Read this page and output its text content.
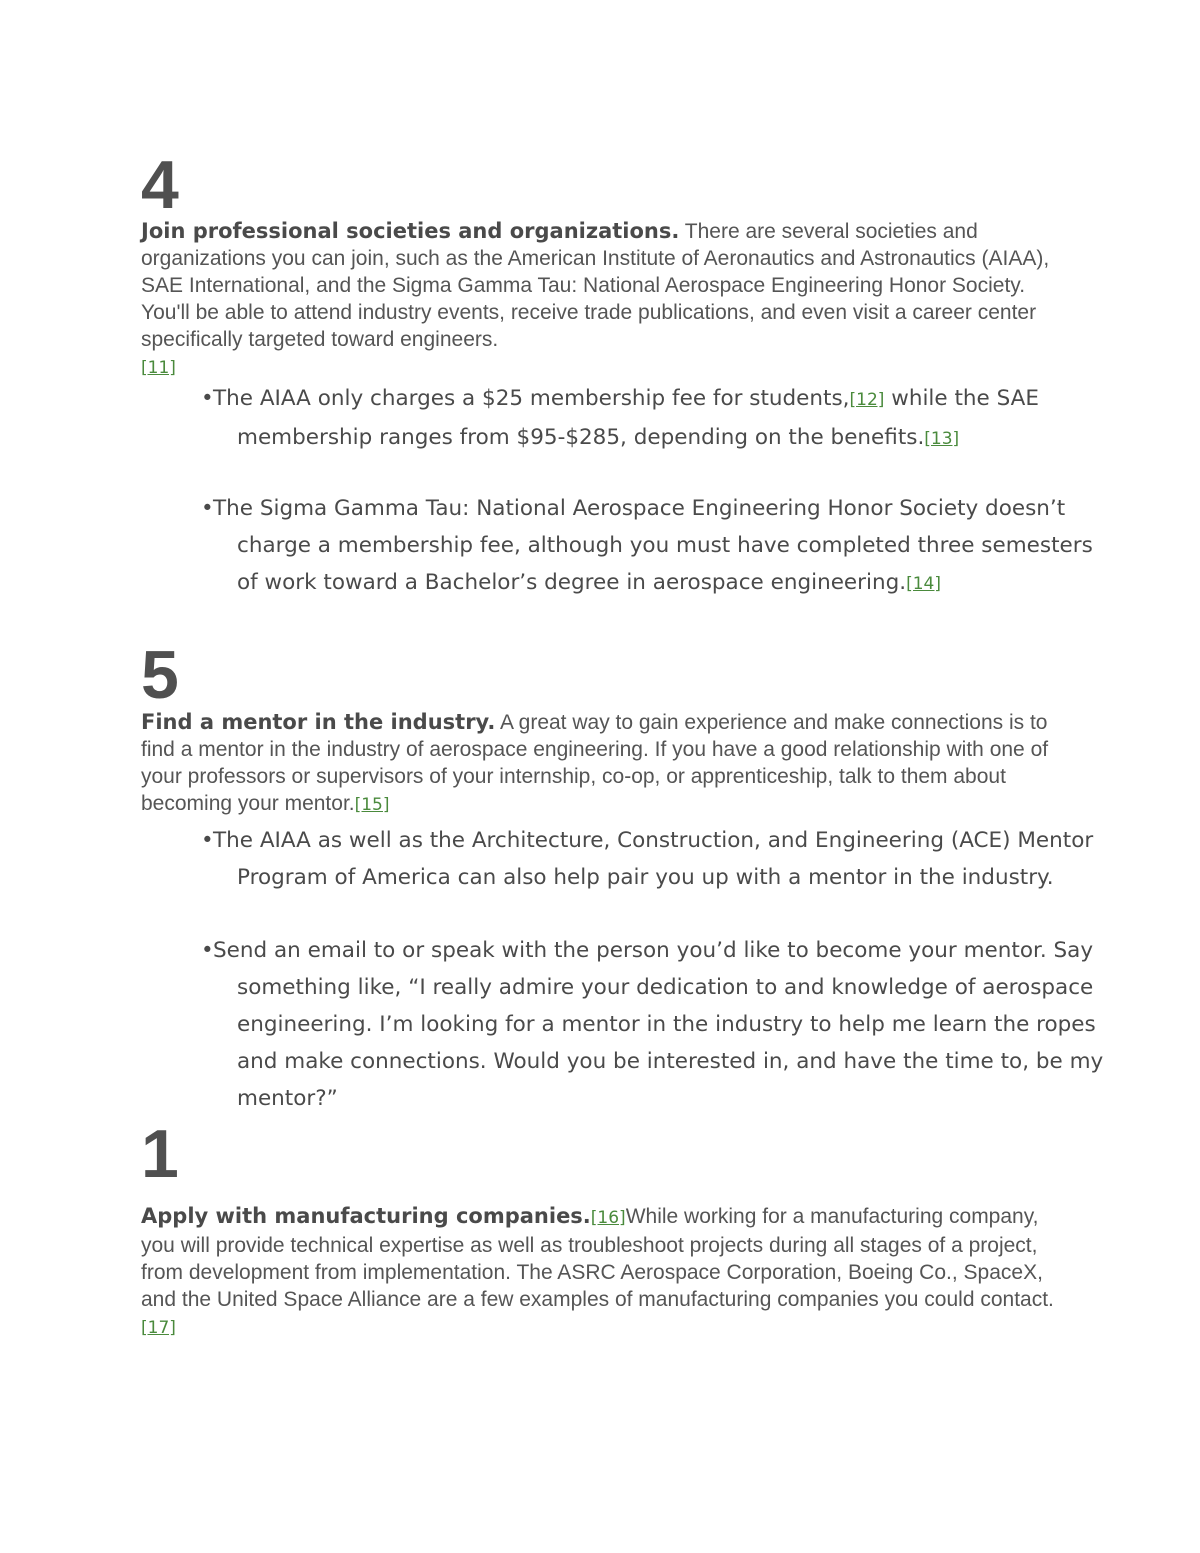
4

Join professional societies and organizations. There are several societies and organizations you can join, such as the American Institute of Aeronautics and Astronautics (AIAA), SAE International, and the Sigma Gamma Tau: National Aerospace Engineering Honor Society. You'll be able to attend industry events, receive trade publications, and even visit a career center specifically targeted toward engineers.
[11]

•The AIAA only charges a $25 membership fee for students,[12] while the SAE membership ranges from $95-$285, depending on the benefits.[13]

•The Sigma Gamma Tau: National Aerospace Engineering Honor Society doesn’t charge a membership fee, although you must have completed three semesters of work toward a Bachelor’s degree in aerospace engineering.[14]

5

Find a mentor in the industry. A great way to gain experience and make connections is to find a mentor in the industry of aerospace engineering. If you have a good relationship with one of your professors or supervisors of your internship, co-op, or apprenticeship, talk to them about becoming your mentor.[15]

•The AIAA as well as the Architecture, Construction, and Engineering (ACE) Mentor Program of America can also help pair you up with a mentor in the industry.

•Send an email to or speak with the person you’d like to become your mentor. Say something like, “I really admire your dedication to and knowledge of aerospace engineering. I’m looking for a mentor in the industry to help me learn the ropes and make connections. Would you be interested in, and have the time to, be my mentor?”

1

Apply with manufacturing companies.[16]While working for a manufacturing company, you will provide technical expertise as well as troubleshoot projects during all stages of a project, from development from implementation. The ASRC Aerospace Corporation, Boeing Co., SpaceX, and the United Space Alliance are a few examples of manufacturing companies you could contact.[17]
